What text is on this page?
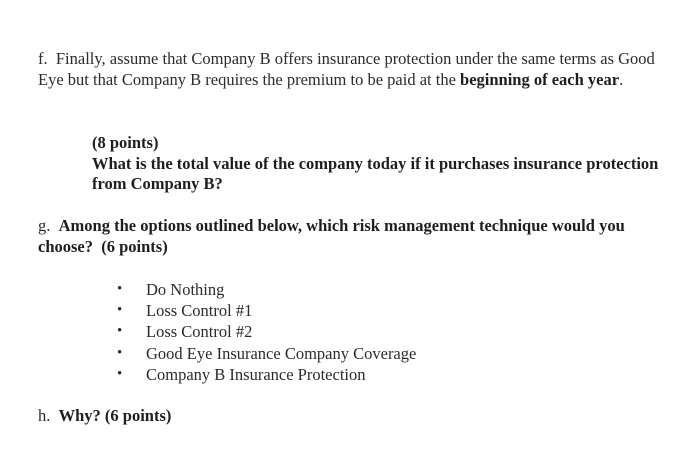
f. Finally, assume that Company B offers insurance protection under the same terms as Good Eye but that Company B requires the premium to be paid at the beginning of each year.
(8 points)
What is the total value of the company today if it purchases insurance protection from Company B?
g. Among the options outlined below, which risk management technique would you choose? (6 points)
• Do Nothing
• Loss Control #1
• Loss Control #2
• Good Eye Insurance Company Coverage
• Company B Insurance Protection
h. Why? (6 points)
